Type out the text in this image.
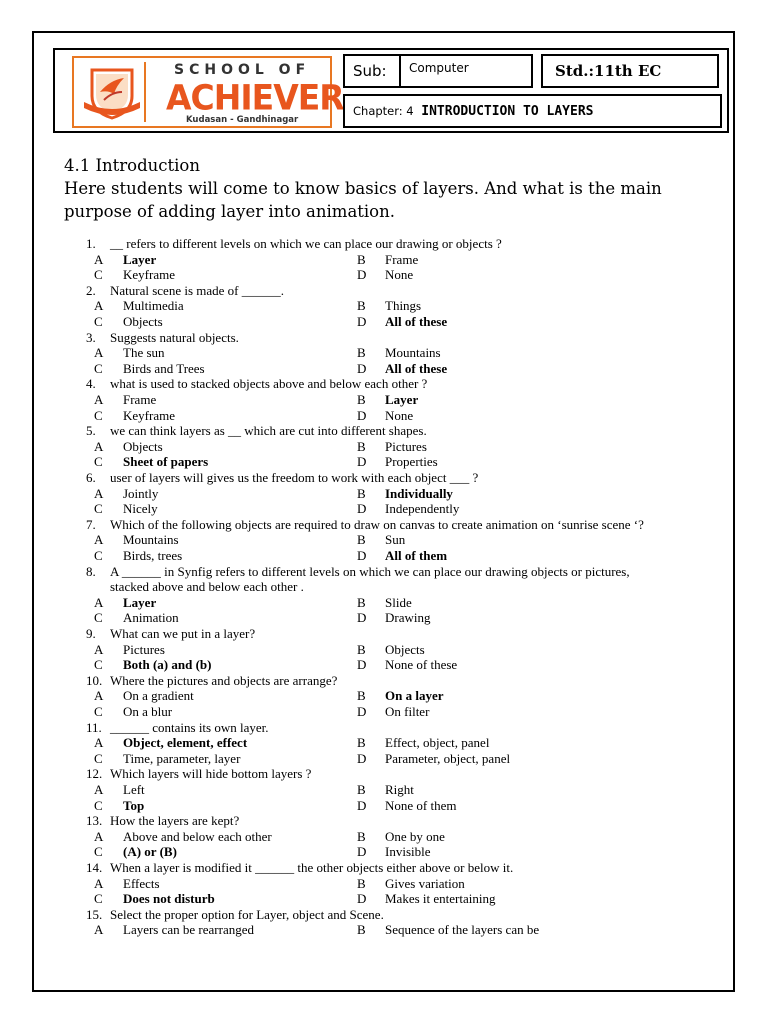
SCHOOL OF
ACHIEVER
Kudasan - Gandhinagar
Sub: Computer	Std.:11th EC
Chapter: 4 INTRODUCTION TO LAYERS
4.1 Introduction
Here students will come to know basics of layers. And what is the main purpose of adding layer into animation.
1. __ refers to different levels on which we can place our drawing or objects ?
A Layer	B Frame
C Keyframe	D None
2. Natural scene is made of ______.
A Multimedia	B Things
C Objects	D All of these
3. Suggests natural objects.
A The sun	B Mountains
C Birds and Trees	D All of these
4. what is used to stacked objects above and below each other ?
A Frame	B Layer
C Keyframe	D None
5. we can think layers as __ which are cut into different shapes.
A Objects	B Pictures
C Sheet of papers	D Properties
6. user of layers will gives us the freedom to work with each object ___ ?
A Jointly	B Individually
C Nicely	D Independently
7. Which of the following objects are required to draw on canvas to create animation on ‘sunrise scene ‘?
A Mountains	B Sun
C Birds, trees	D All of them
8. A ______ in Synfig refers to different levels on which we can place our drawing objects or pictures,
stacked above and below each other .
A Layer	B Slide
C Animation	D Drawing
9. What can we put in a layer?
A Pictures	B Objects
C Both (a) and (b)	D None of these
10. Where the pictures and objects are arrange?
A On a gradient	B On a layer
C On a blur	D On filter
11. ______ contains its own layer.
A Object, element, effect	B Effect, object, panel
C Time, parameter, layer	D Parameter, object, panel
12. Which layers will hide bottom layers ?
A Left	B Right
C Top	D None of them
13. How the layers are kept?
A Above and below each other	B One by one
C (A) or (B)	D Invisible
14. When a layer is modified it ______ the other objects either above or below it.
A Effects	B Gives variation
C Does not disturb	D Makes it entertaining
15. Select the proper option for Layer, object and Scene.
A Layers can be rearranged	B Sequence of the layers can be
